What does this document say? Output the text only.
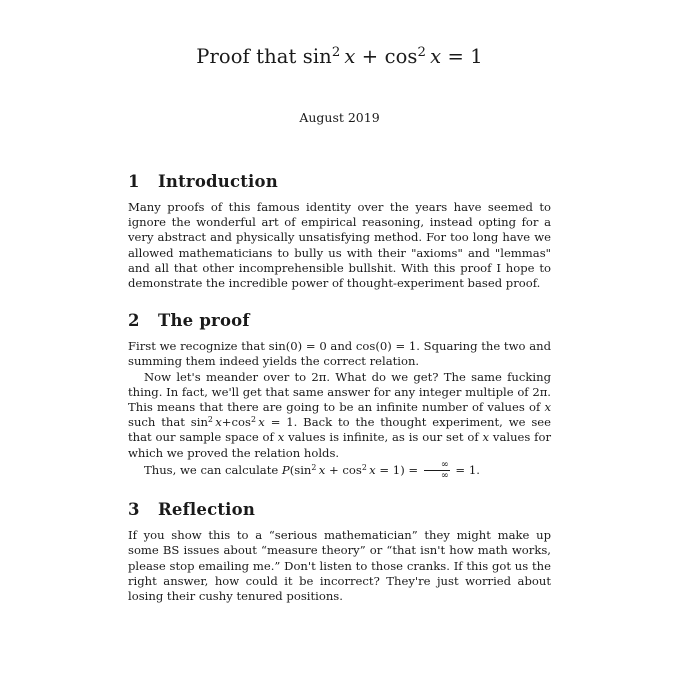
Proof that $\sin^2 x + \cos^2 x = 1$

August 2019

1 Introduction

Many proofs of this famous identity over the years have seemed to ignore the wonderful art of empirical reasoning, instead opting for a very abstract and physically unsatisfying method. For too long have we allowed mathematicians to bully us with their "axioms" and "lemmas" and all that other incomprehensible bullshit. With this proof I hope to demonstrate the incredible power of thought-experiment based proof.

2 The proof

First we recognize that sin(0) = 0 and cos(0) = 1. Squaring the two and summing them indeed yields the correct relation.

Now let's meander over to 2π. What do we get? The same fucking thing. In fact, we'll get that same answer for any integer multiple of 2π. This means that there are going to be an infinite number of values of x such that $\sin^2 x+\cos^2$  x = 1. Back to the thought experiment, we see that our sample space of x values is infinite, as is our set of x values for which we proved the relation holds.

Thus, we can calculate $P(\sin^2$  $x + \cos^2 x = 1) = \frac{\infty}{\infty} = 1$.

3 Reflection

If you show this to a “serious mathematician” they might make up some BS issues about “measure theory” or “that isn't how math works, please stop emailing me.” Don't listen to those cranks. If this got us the right answer, how could it be incorrect? They're just worried about losing their cushy tenured positions.
